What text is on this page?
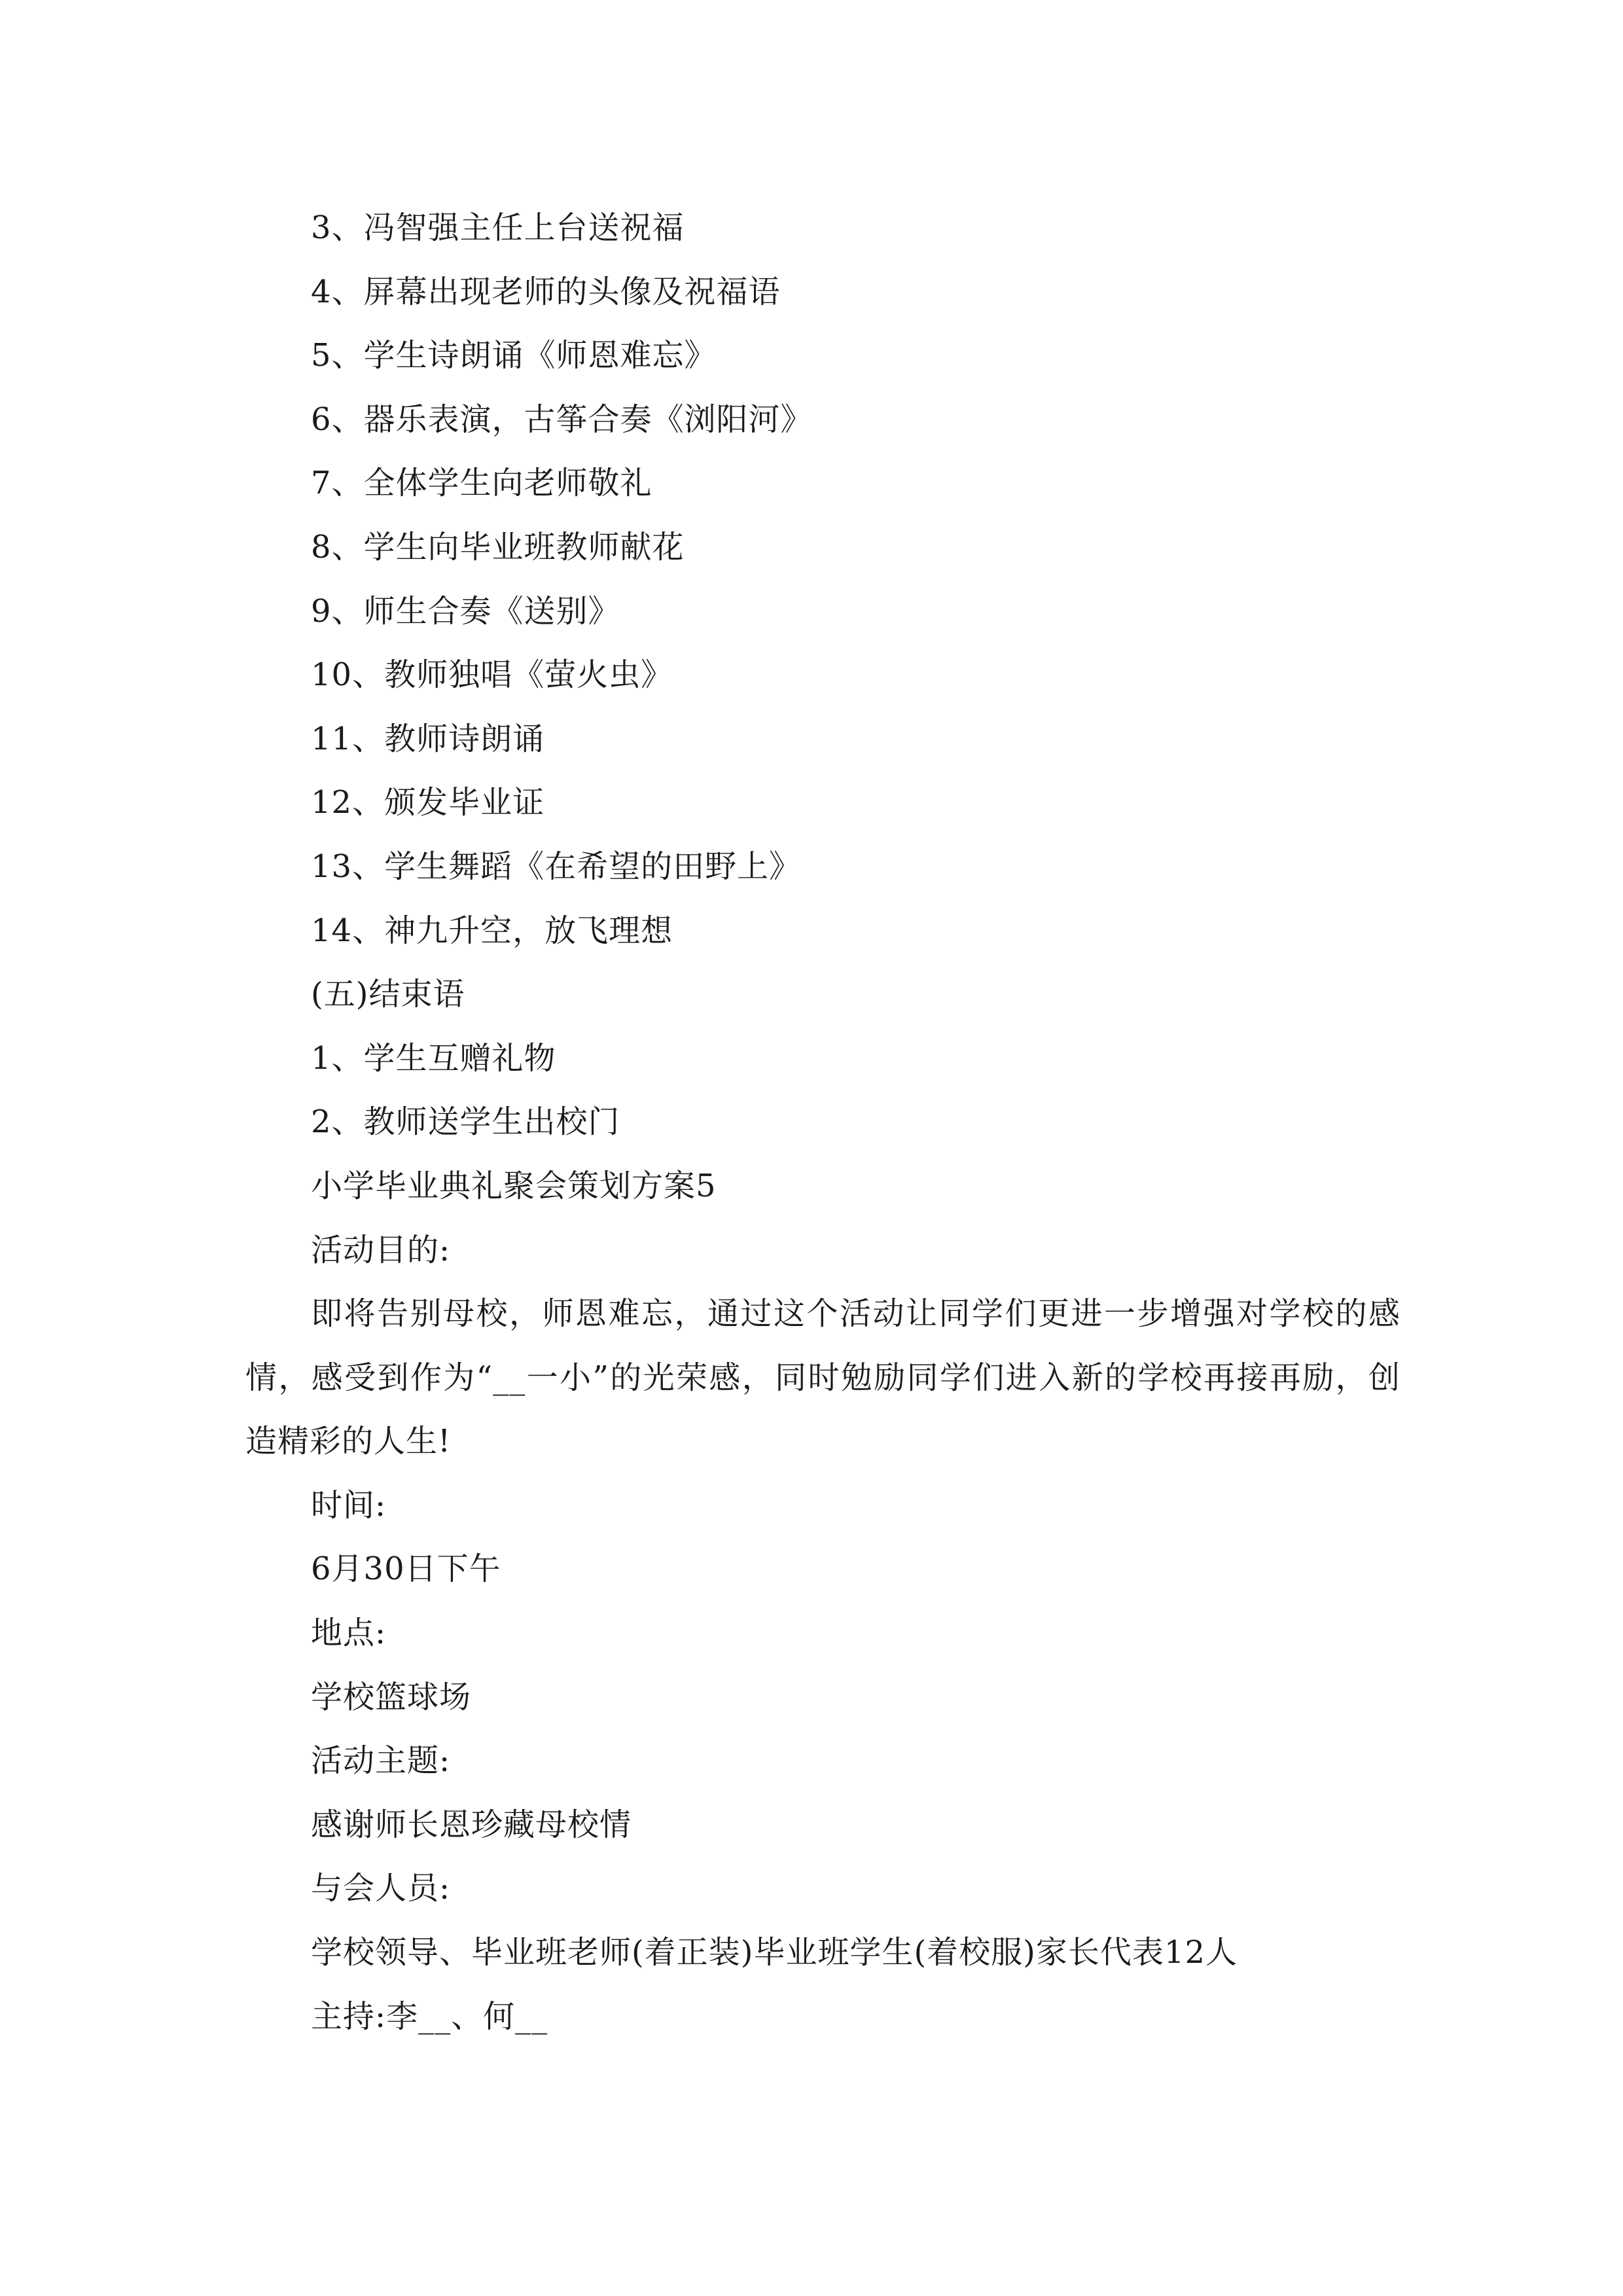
3、冯智强主任上台送祝福
4、屏幕出现老师的头像及祝福语
5、学生诗朗诵《师恩难忘》
6、器乐表演，古筝合奏《浏阳河》
7、全体学生向老师敬礼
8、学生向毕业班教师献花
9、师生合奏《送别》
10、教师独唱《萤火虫》
11、教师诗朗诵
12、颁发毕业证
13、学生舞蹈《在希望的田野上》
14、神九升空，放飞理想
(五)结束语
1、学生互赠礼物
2、教师送学生出校门
小学毕业典礼聚会策划方案5
活动目的:

即将告别母校，师恩难忘，通过这个活动让同学们更进一步增强对学校的感情，感受到作为“__一小”的光荣感，同时勉励同学们进入新的学校再接再励，创造精彩的人生!

时间:
6月30日下午
地点:
学校篮球场
活动主题:
感谢师长恩珍藏母校情
与会人员:
学校领导、毕业班老师(着正装)毕业班学生(着校服)家长代表12人
主持:李__、何__
